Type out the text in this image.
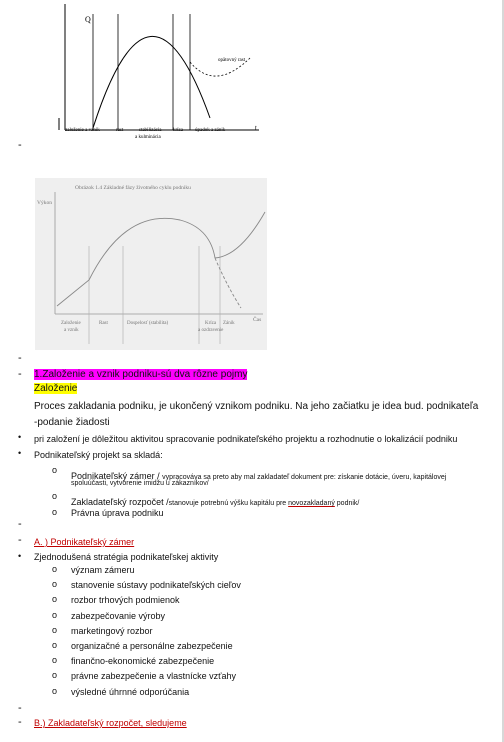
Q
t
opätovný rast
založenie a vznik	rast	stabilizácia
a kulminácia
kríza úpadok a zánik
Obrázok 1.4 Základné fázy životného cyklu podniku
Výkon
Čas
Založenie
a vznik
Rast	Dospelosť (stabilita)	Kríza
a ozdravenie
Zánik
-
-
-
-
-
-
-
1.Založenie a vznik podniku-sú dva rôzne pojmy
Založenie
Proces zakladania podniku, je ukončený vznikom podniku. Na jeho začiatku je idea bud. podnikateľa
-podanie žiadosti
• pri založení je dôležitou aktivitou spracovanie podnikateľského projektu a rozhodnutie o lokalizácií podniku
• Podnikateľský projekt sa skladá:
o
Podnikateľský zámer / vypracováva sa preto aby mal zakladateľ dokument pre: získanie dotácie, úveru, kapitálovej
spoluúčasti, vytvorenie imidžu u zákazníkov/
o
Zakladateľský rozpočet /stanovuje potrebnú výšku kapitálu pre novozakladaný podnik/
o Právna úprava podniku
A. ) Podnikateľský zámer
• Zjednodušená stratégia podnikateľskej aktivity
o význam zámeru
o stanovenie sústavy podnikateľských cieľov
o rozbor trhových podmienok
o zabezpečovanie výroby
o marketingový rozbor
o organizačné a personálne zabezpečenie
o finančno-ekonomické zabezpečenie
o právne zabezpečenie a vlastnícke vzťahy
o výsledné úhrnné odporúčania
B.) Zakladateľský rozpočet, sledujeme
